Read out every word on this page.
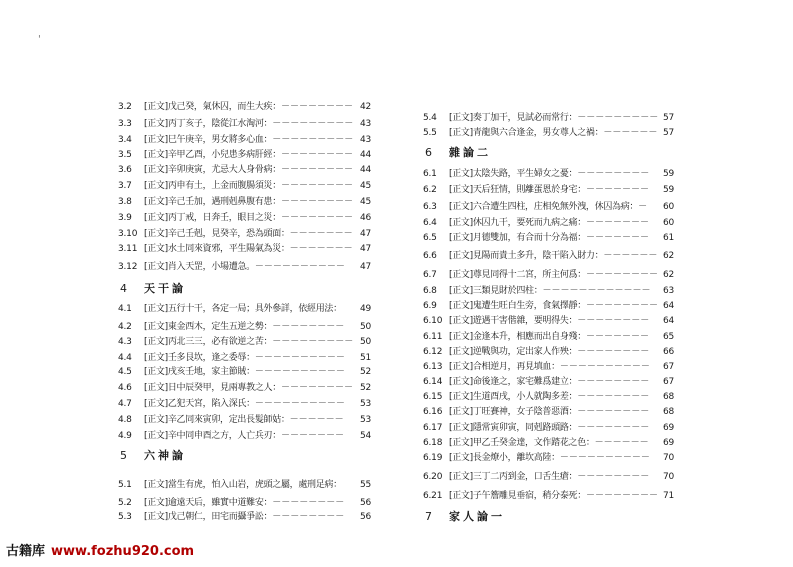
3.2 [正文]戊己癸，氣休囚，而生大疾：－－－－－－－－ 42
3.3 [正文]丙丁亥子，陰從江水淘河：－－－－－－－－－ 43
3.4 [正文]巳午庚辛，男女將多心血：－－－－－－－－－ 43
3.5 [正文]辛甲乙酉，小兒患多病肝經：－－－－－－－－ 44
3.6 [正文]辛卯庚寅，尤忌大人身骨病：－－－－－－－－ 44
3.7 [正文]丙申有土，上金而腹腸須災：－－－－－－－－ 45
3.8 [正文]辛己壬加，遇刑剋鼻腹有患：－－－－－－－－ 45
3.9 [正文]丙丁戒，日奔壬，眼目之災：－－－－－－－－ 46
3.10 [正文]辛己壬剋，見癸辛，恐為頭面：－－－－－－－ 47
3.11 [正文]水土同來資邪，平生陽氣為災：－－－－－－－ 47
3.12 [正文]肖入天罡，小場遭急。－－－－－－－－－－ 47
4 天干論
4.1 [正文]五行十干，各定一局；具外參詳，依經用法： 49
4.2 [正文]東金西木，定生五逆之勢：－－－－－－－－ 50
4.3 [正文]丙北三三，必有欲逆之苦：－－－－－－－－－ 50
4.4 [正文]壬多艮坎，逢之委辱：－－－－－－－－－－ 51
4.5 [正文]戌亥壬地，家主節賊：－－－－－－－－－－ 52
4.6 [正文]日中辰癸甲，見兩專教之人：－－－－－－－－ 52
4.7 [正文]乙犯天宮，陷入深氏：－－－－－－－－－－ 53
4.8 [正文]辛乙同來寅卯，定出長髮師姑：－－－－－－ 53
4.9 [正文]辛中同申酉之方，人亡兵刃：－－－－－－－ 54
5 六神論
5.1 [正文]當生有虎，怕入山岩，虎頭之屬，處刑足病： 55
5.2 [正文]逾遠天后，雖實中道難安：－－－－－－－－ 56
5.3 [正文]戊己朝仁，田宅而攝爭訟：－－－－－－－－ 56
5.4 [正文]奏丁加干，見試必而常行：－－－－－－－－－ 57
5.5 [正文]青龍與六合逢金，男女尊人之禍：－－－－－－ 57
6 雜論二
6.1 [正文]太陰失路，平生婦女之憂：－－－－－－－－ 59
6.2 [正文]天后狂情，則離蛋恩於身宅：－－－－－－－ 59
6.3 [正文]六合遭生四柱，庄相免無外洩，休囚為病：－ 60
6.4 [正文]休囚九干，要死而九病之痛：－－－－－－－ 60
6.5 [正文]月德雙加，有合而十分為福：－－－－－－－ 61
6.6 [正文]見陽而貴土多升，陰干陷入財力：－－－－－－ 62
6.7 [正文]尊見同得十二宮，所主何爲：－－－－－－－－ 62
6.8 [正文]三類見財於四柱：－－－－－－－－－－－－ 63
6.9 [正文]鬼遭生旺白生旁，食氣擇靜：－－－－－－－－ 64
6.10 [正文]遊遇干害偕雜，要明得失：－－－－－－－－ 64
6.11 [正文]金逢本升，相應而出自身殘：－－－－－－－ 65
6.12 [正文]逆戰與功，定出家人作殃：－－－－－－－－ 66
6.13 [正文]合相逆月，再見填血：－－－－－－－－－－ 67
6.14 [正文]命後逢之，家宅難爲建立：－－－－－－－－ 67
6.15 [正文]生道酉戌，小人就陶多差：－－－－－－－－ 68
6.16 [正文]丁旺賽神，女子陰普惡酒：－－－－－－－－ 68
6.17 [正文]隱常寅卯寅，同剋路頭路：－－－－－－－－ 69
6.18 [正文]甲乙壬癸金達，文作踏花之色：－－－－－－ 69
6.19 [正文]長金燎小，離坎高陸：－－－－－－－－－－ 70
6.20 [正文]三丁二丙到金，口舌生瘡：－－－－－－－－ 70
6.21 [正文]子午簷雕見垂宿，稍分泰死：－－－－－－－－ 71
7 家人論一
'
古籍库 www.fozhu920.com
